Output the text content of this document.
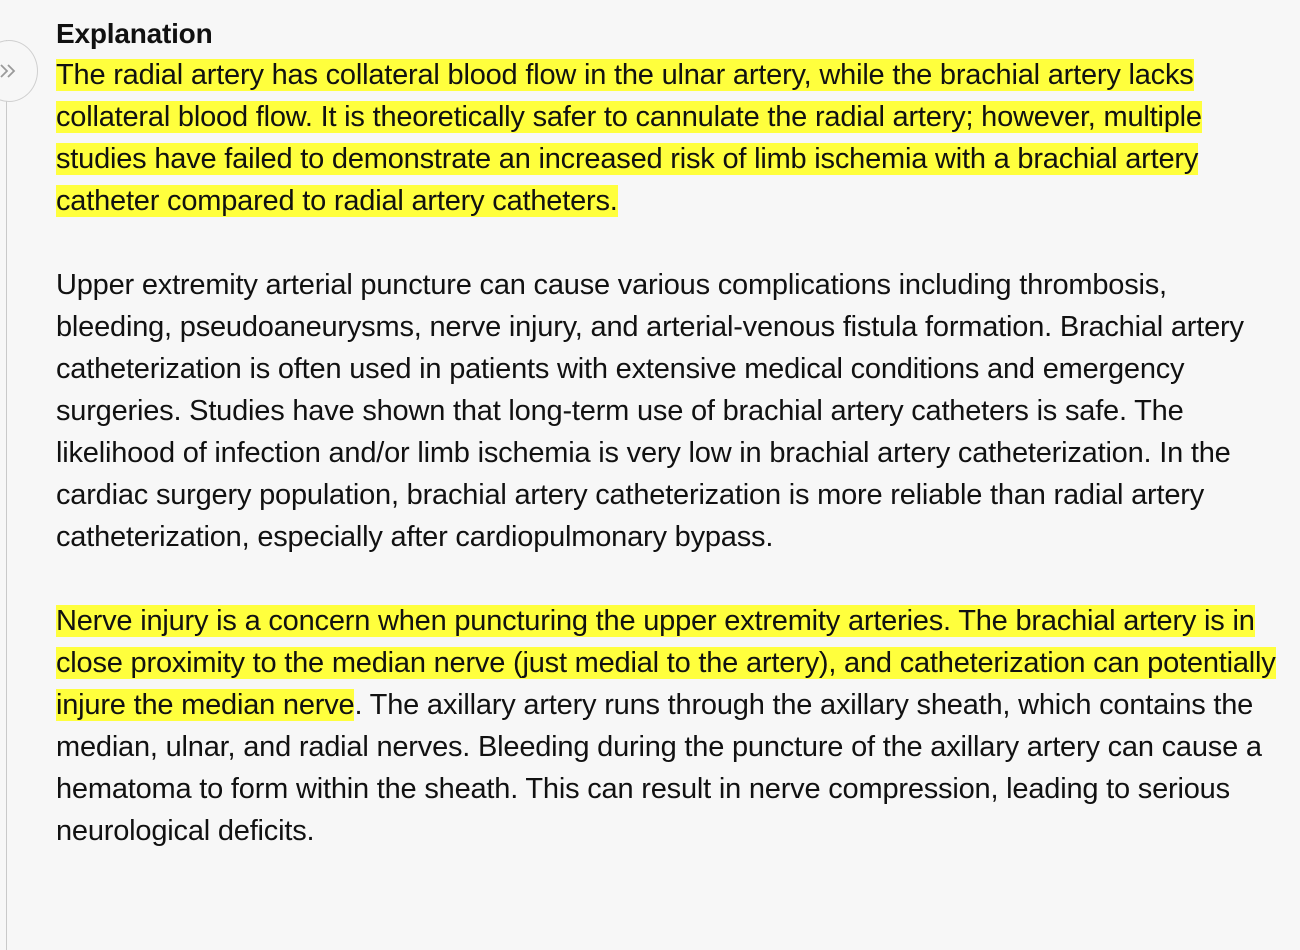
Explanation

The radial artery has collateral blood flow in the ulnar artery, while the brachial artery lacks collateral blood flow. It is theoretically safer to cannulate the radial artery; however, multiple studies have failed to demonstrate an increased risk of limb ischemia with a brachial artery catheter compared to radial artery catheters.

Upper extremity arterial puncture can cause various complications including thrombosis, bleeding, pseudoaneurysms, nerve injury, and arterial-venous fistula formation. Brachial artery catheterization is often used in patients with extensive medical conditions and emergency surgeries. Studies have shown that long-term use of brachial artery catheters is safe. The likelihood of infection and/or limb ischemia is very low in brachial artery catheterization. In the cardiac surgery population, brachial artery catheterization is more reliable than radial artery catheterization, especially after cardiopulmonary bypass.

Nerve injury is a concern when puncturing the upper extremity arteries. The brachial artery is in close proximity to the median nerve (just medial to the artery), and catheterization can potentially injure the median nerve. The axillary artery runs through the axillary sheath, which contains the median, ulnar, and radial nerves. Bleeding during the puncture of the axillary artery can cause a hematoma to form within the sheath. This can result in nerve compression, leading to serious neurological deficits.
